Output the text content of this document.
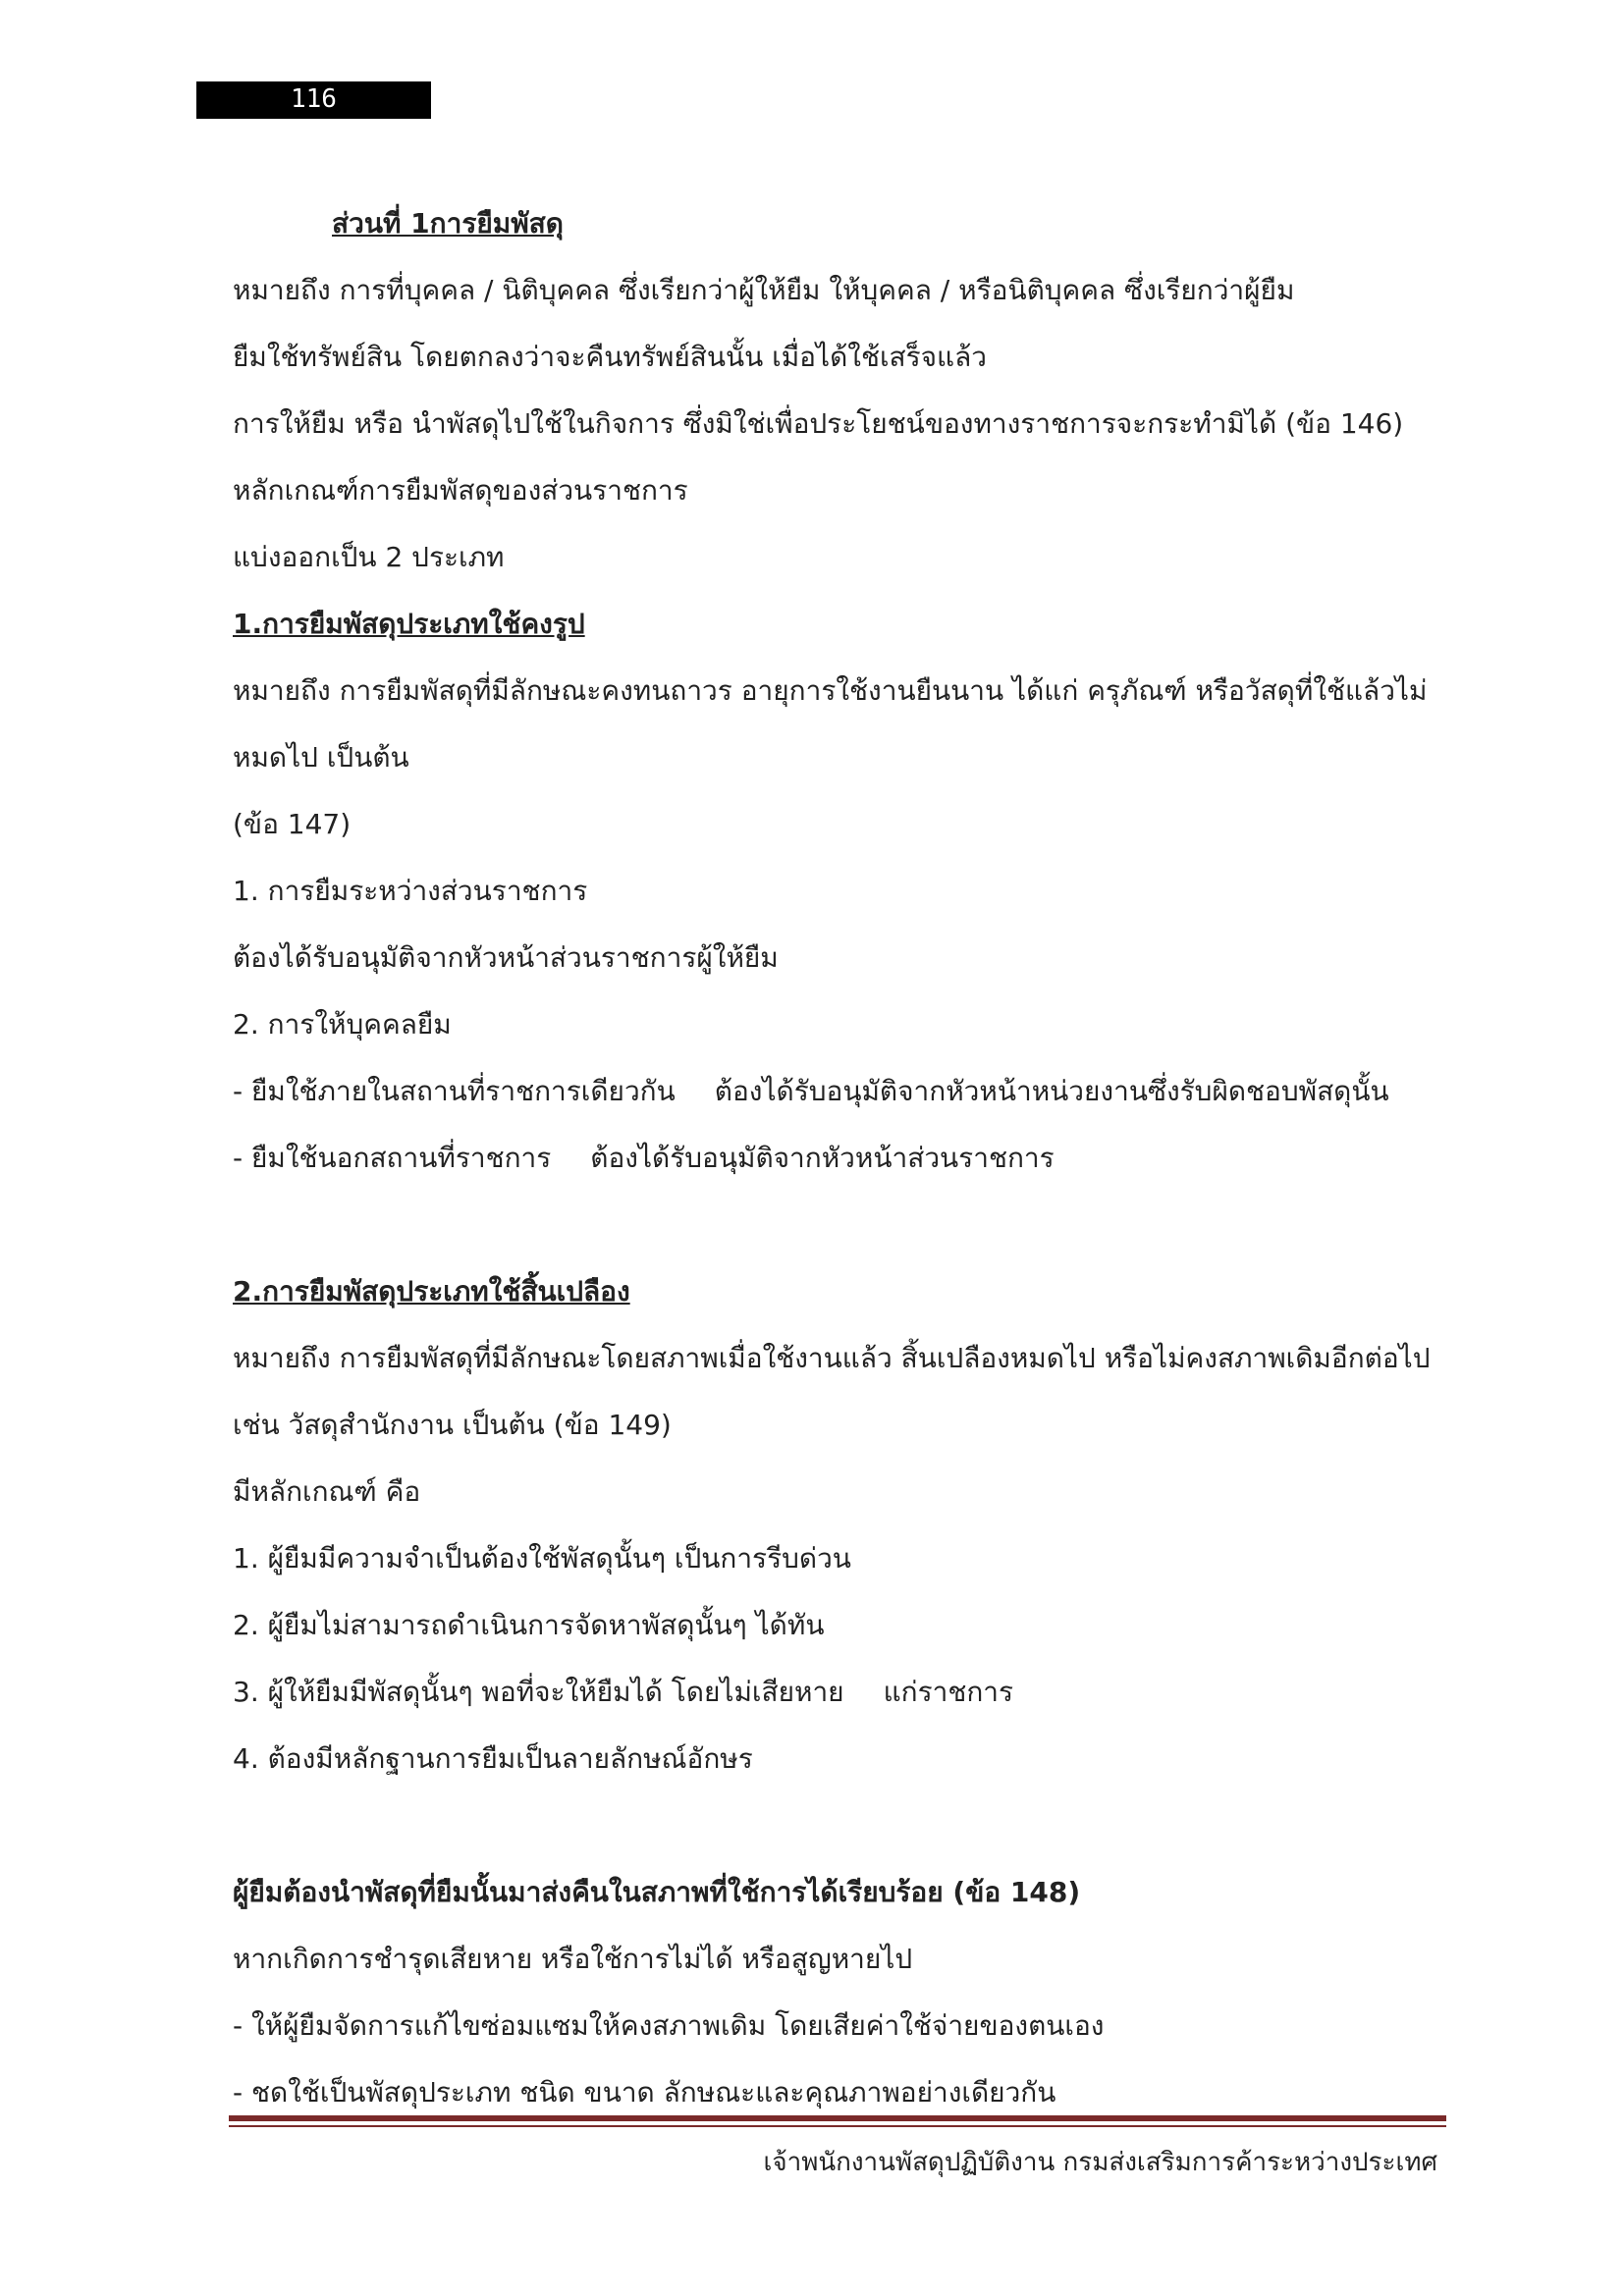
116
ส่วนที่ 1การยืมพัสดุ
หมายถึง การที่บุคคล / นิติบุคคล ซึ่งเรียกว่าผู้ให้ยืม ให้บุคคล / หรือนิติบุคคล ซึ่งเรียกว่าผู้ยืม
ยืมใช้ทรัพย์สิน โดยตกลงว่าจะคืนทรัพย์สินนั้น เมื่อได้ใช้เสร็จแล้ว
การให้ยืม หรือ นำพัสดุไปใช้ในกิจการ ซึ่งมิใช่เพื่อประโยชน์ของทางราชการจะกระทำมิได้ (ข้อ 146)
หลักเกณฑ์การยืมพัสดุของส่วนราชการ
แบ่งออกเป็น 2 ประเภท
1.การยืมพัสดุประเภทใช้คงรูป
หมายถึง การยืมพัสดุที่มีลักษณะคงทนถาวร อายุการใช้งานยืนนาน ได้แก่ ครุภัณฑ์ หรือวัสดุที่ใช้แล้วไม่
หมดไป เป็นต้น
(ข้อ 147)
1. การยืมระหว่างส่วนราชการ
ต้องได้รับอนุมัติจากหัวหน้าส่วนราชการผู้ให้ยืม
2. การให้บุคคลยืม
- ยืมใช้ภายในสถานที่ราชการเดียวกัน ต้องได้รับอนุมัติจากหัวหน้าหน่วยงานซึ่งรับผิดชอบพัสดุนั้น
- ยืมใช้นอกสถานที่ราชการ ต้องได้รับอนุมัติจากหัวหน้าส่วนราชการ
2.การยืมพัสดุประเภทใช้สิ้นเปลือง
หมายถึง การยืมพัสดุที่มีลักษณะโดยสภาพเมื่อใช้งานแล้ว สิ้นเปลืองหมดไป หรือไม่คงสภาพเดิมอีกต่อไป
เช่น วัสดุสำนักงาน เป็นต้น (ข้อ 149)
มีหลักเกณฑ์ คือ
1. ผู้ยืมมีความจำเป็นต้องใช้พัสดุนั้นๆ เป็นการรีบด่วน
2. ผู้ยืมไม่สามารถดำเนินการจัดหาพัสดุนั้นๆ ได้ทัน
3. ผู้ให้ยืมมีพัสดุนั้นๆ พอที่จะให้ยืมได้ โดยไม่เสียหาย แก่ราชการ
4. ต้องมีหลักฐานการยืมเป็นลายลักษณ์อักษร
ผู้ยืมต้องนำพัสดุที่ยืมนั้นมาส่งคืนในสภาพที่ใช้การได้เรียบร้อย (ข้อ 148)
หากเกิดการชำรุดเสียหาย หรือใช้การไม่ได้ หรือสูญหายไป
- ให้ผู้ยืมจัดการแก้ไขซ่อมแซมให้คงสภาพเดิม โดยเสียค่าใช้จ่ายของตนเอง
- ชดใช้เป็นพัสดุประเภท ชนิด ขนาด ลักษณะและคุณภาพอย่างเดียวกัน
เจ้าพนักงานพัสดุปฏิบัติงาน กรมส่งเสริมการค้าระหว่างประเทศ
